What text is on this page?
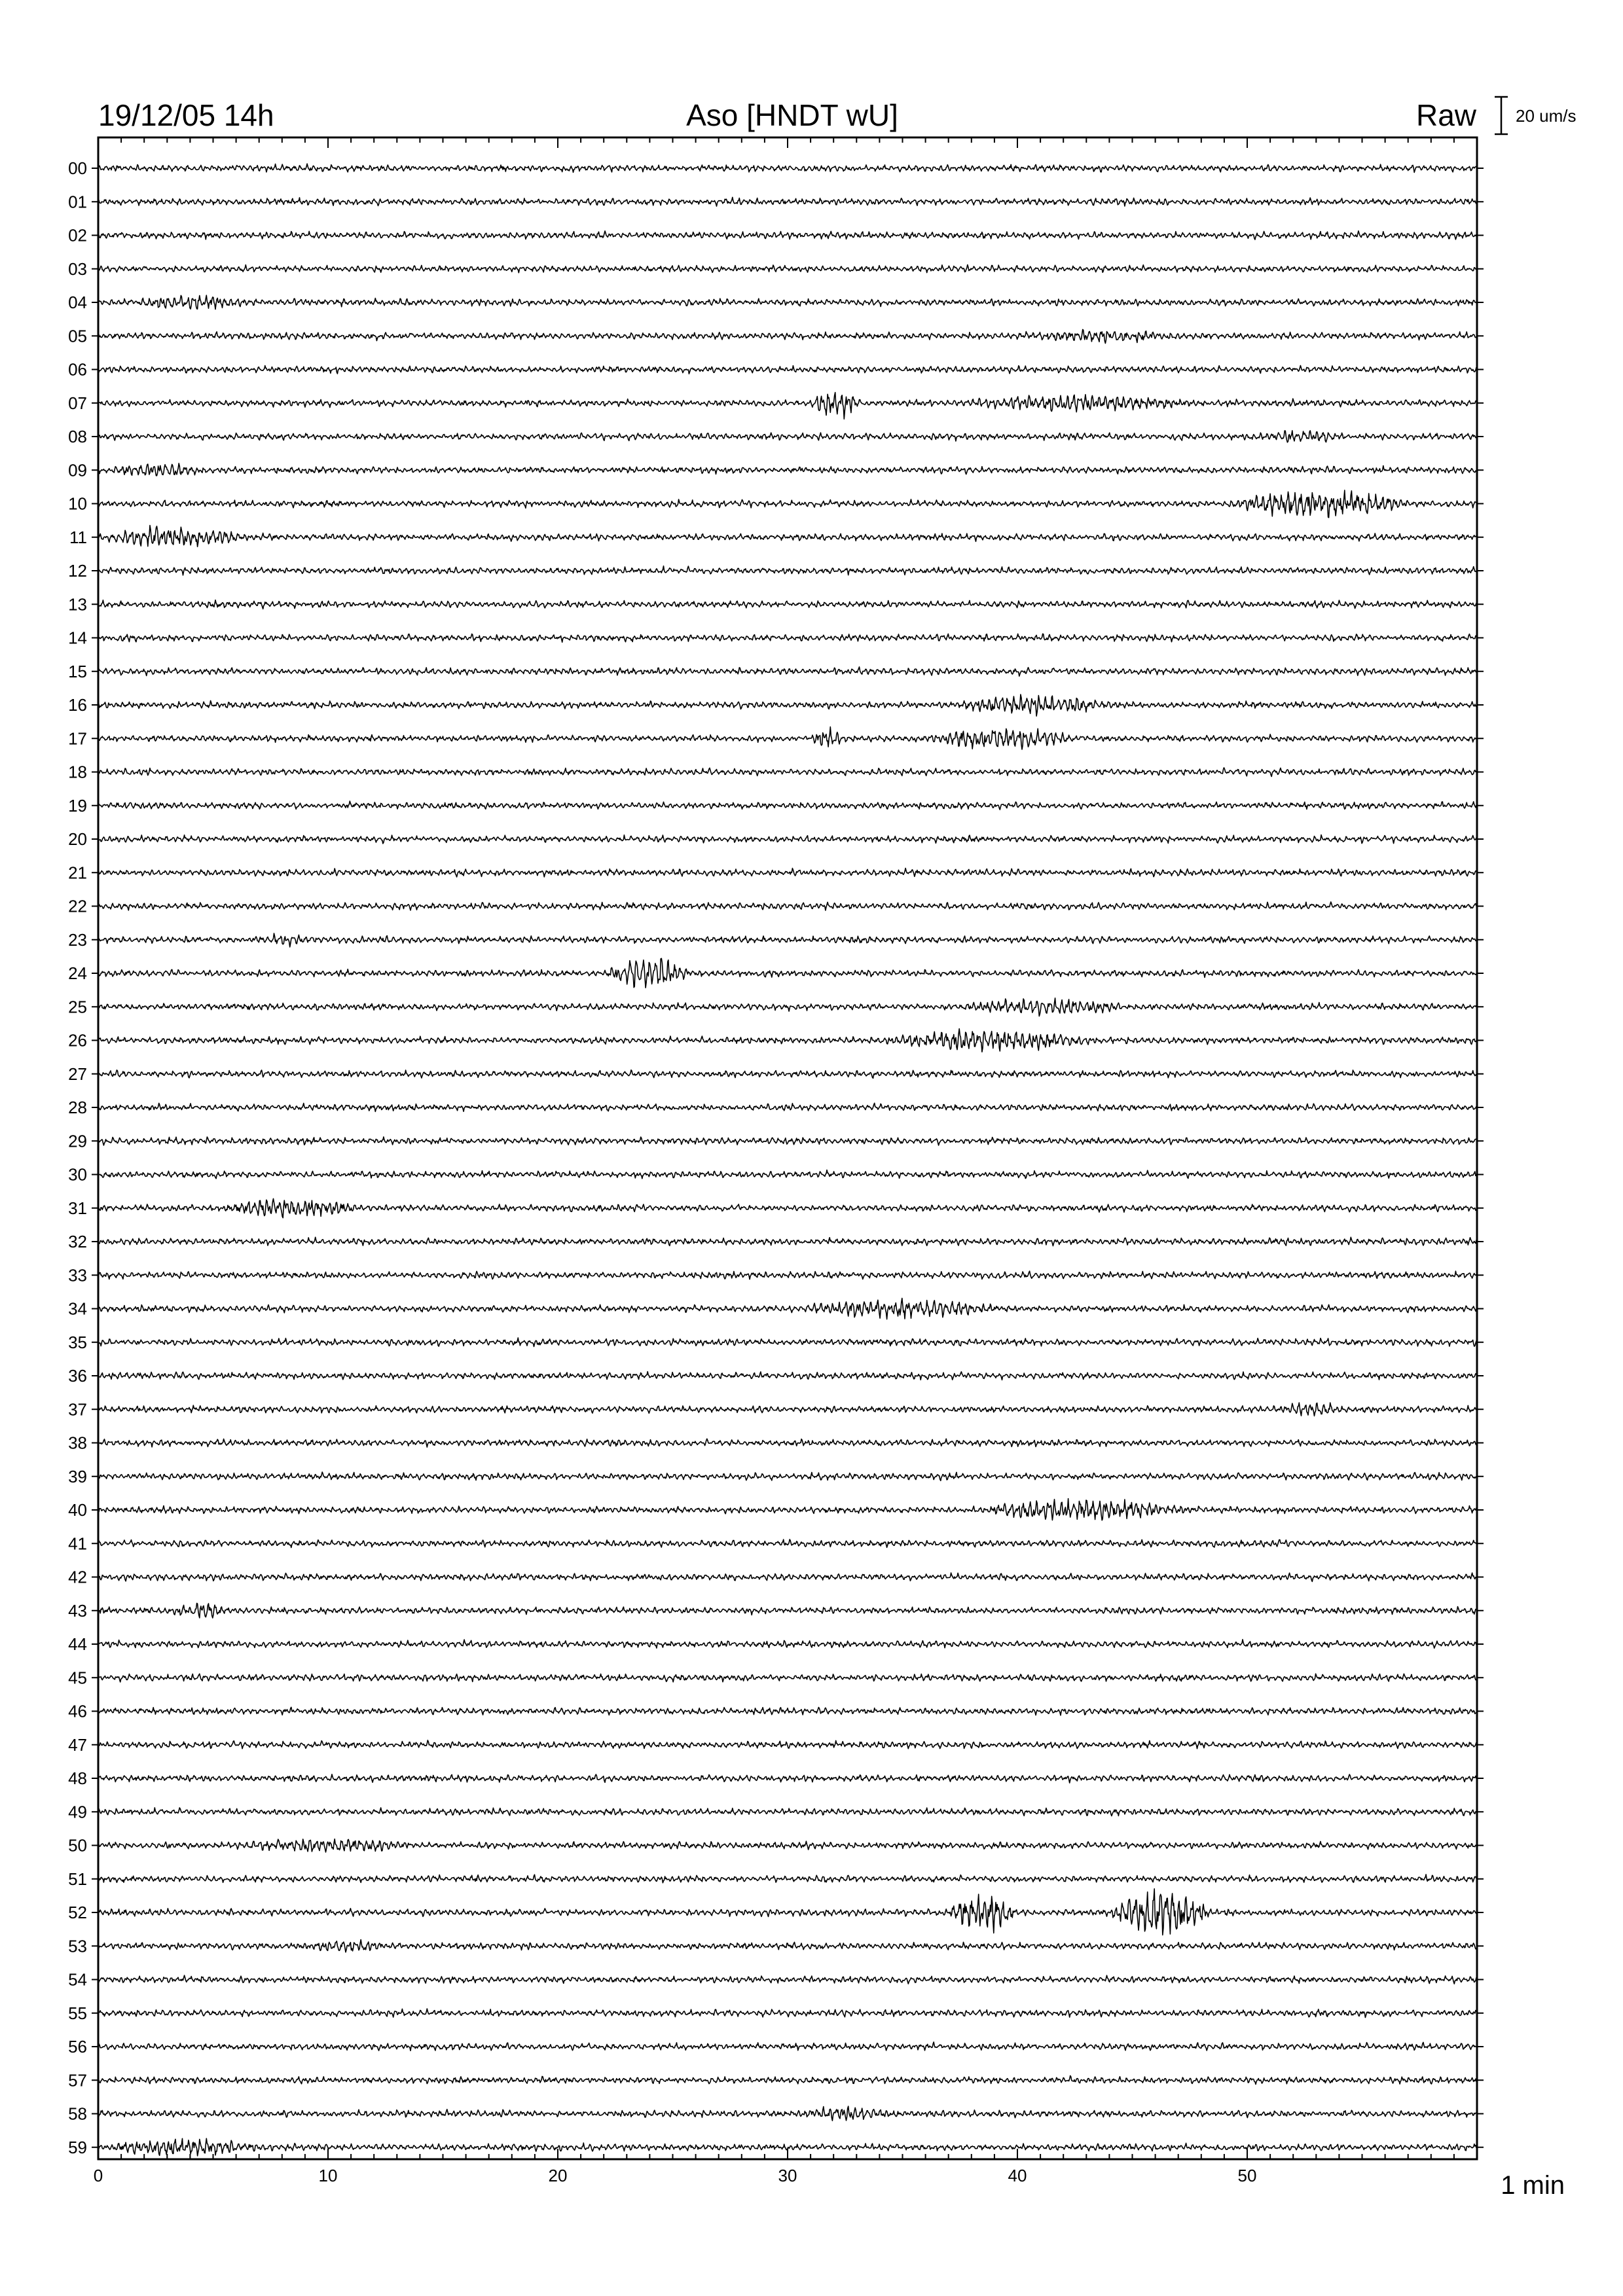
19/12/05 14h	Aso [HNDT wU]	Raw 20 um/s
00
01
02
03
04
05
06
07
08
09
10
11
12
13
14
15
16
17
18
19
20
21
22
23
24
25
26
27
28
29
30
31
32
33
34
35
36
37
38
39
40
41
42
43
44
45
46
47
48
49
50
51
52
53
54
55
56
57
58
59
0	10	20	30	40	50	1 min
